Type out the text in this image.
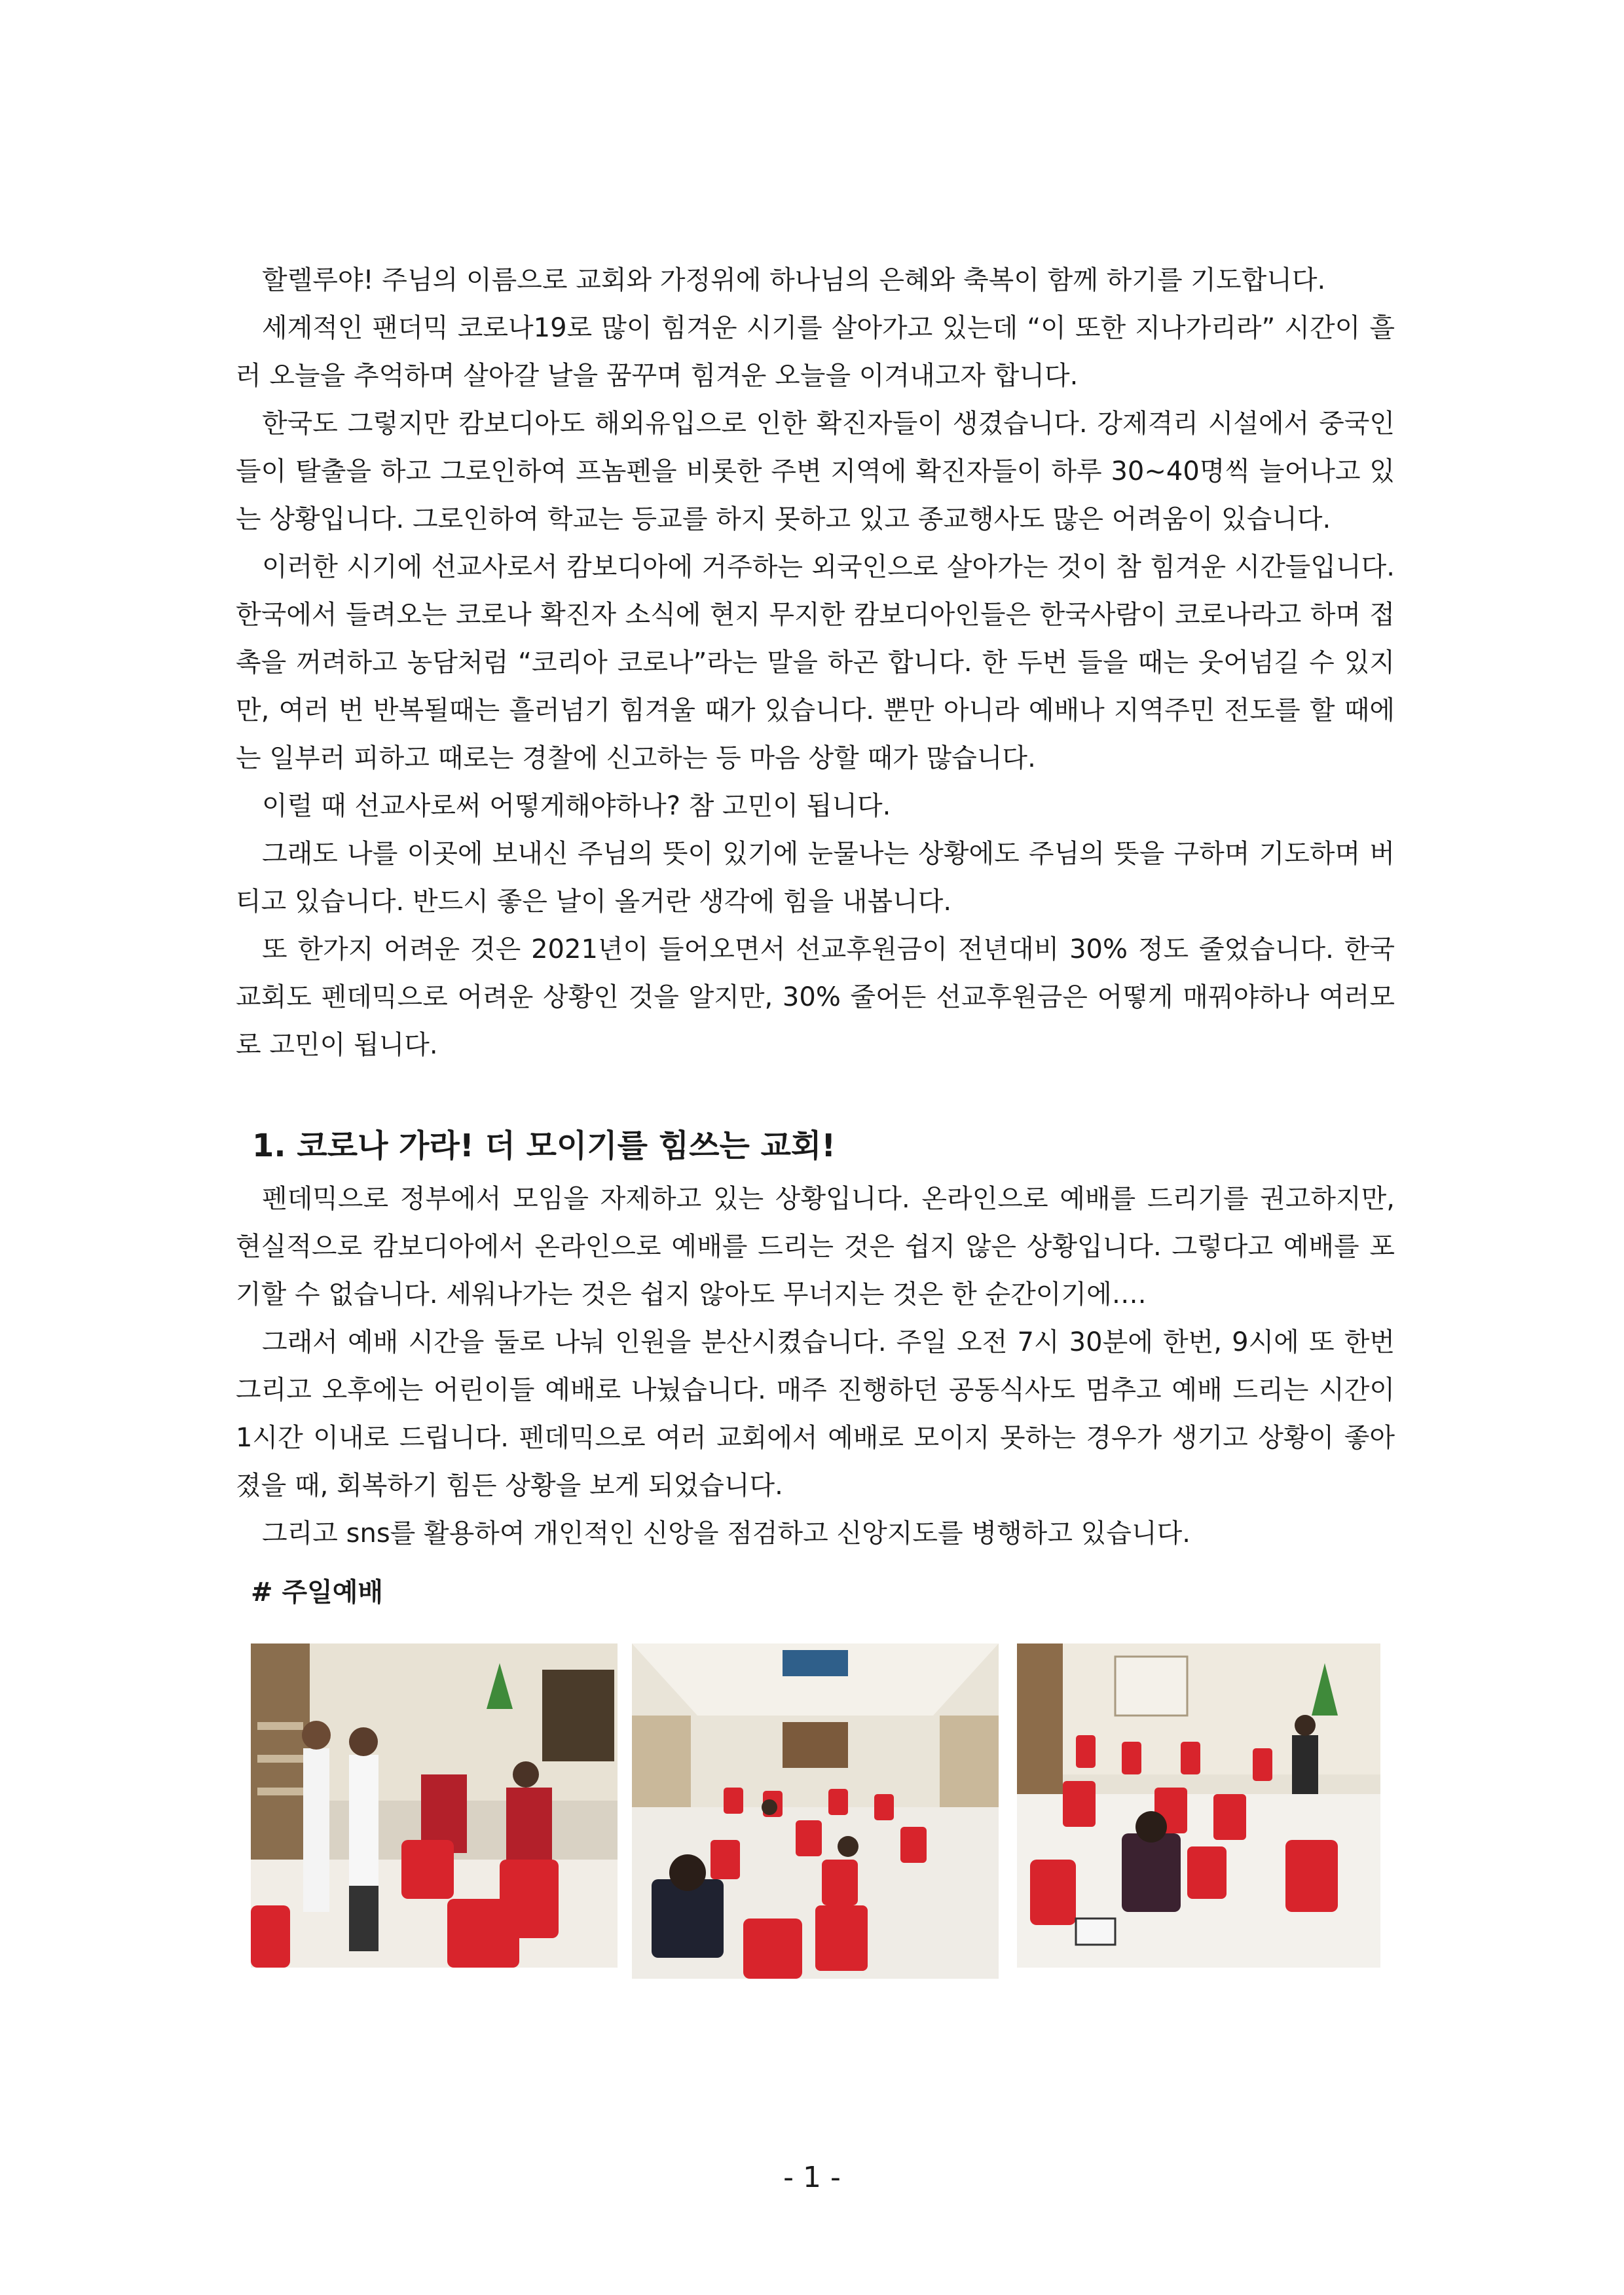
할렐루야! 주님의 이름으로 교회와 가정위에 하나님의 은혜와 축복이 함께 하기를 기도합니다.

세계적인 팬더믹 코로나19로 많이 힘겨운 시기를 살아가고 있는데 “이 또한 지나가리라” 시간이 흘러 오늘을 추억하며 살아갈 날을 꿈꾸며 힘겨운 오늘을 이겨내고자 합니다.

한국도 그렇지만 캄보디아도 해외유입으로 인한 확진자들이 생겼습니다. 강제격리 시설에서 중국인들이 탈출을 하고 그로인하여 프놈펜을 비롯한 주변 지역에 확진자들이 하루 30~40명씩 늘어나고 있는 상황입니다. 그로인하여 학교는 등교를 하지 못하고 있고 종교행사도 많은 어려움이 있습니다.

이러한 시기에 선교사로서 캄보디아에 거주하는 외국인으로 살아가는 것이 참 힘겨운 시간들입니다. 한국에서 들려오는 코로나 확진자 소식에 현지 무지한 캄보디아인들은 한국사람이 코로나라고 하며 접촉을 꺼려하고 농담처럼 “코리아 코로나”라는 말을 하곤 합니다. 한 두번 들을 때는 웃어넘길 수 있지만, 여러 번 반복될때는 흘러넘기 힘겨울 때가 있습니다. 뿐만 아니라 예배나 지역주민 전도를 할 때에는 일부러 피하고 때로는 경찰에 신고하는 등 마음 상할 때가 많습니다.

이럴 때 선교사로써 어떻게해야하나? 참 고민이 됩니다.

그래도 나를 이곳에 보내신 주님의 뜻이 있기에 눈물나는 상황에도 주님의 뜻을 구하며 기도하며 버티고 있습니다. 반드시 좋은 날이 올거란 생각에 힘을 내봅니다.

또 한가지 어려운 것은 2021년이 들어오면서 선교후원금이 전년대비 30% 정도 줄었습니다. 한국교회도 펜데믹으로 어려운 상황인 것을 알지만, 30% 줄어든 선교후원금은 어떻게 매꿔야하나 여러모로 고민이 됩니다.

1. 코로나 가라! 더 모이기를 힘쓰는 교회!

펜데믹으로 정부에서 모임을 자제하고 있는 상황입니다. 온라인으로 예배를 드리기를 권고하지만, 현실적으로 캄보디아에서 온라인으로 예배를 드리는 것은 쉽지 않은 상황입니다. 그렇다고 예배를 포기할 수 없습니다. 세워나가는 것은 쉽지 않아도 무너지는 것은 한 순간이기에….

그래서 예배 시간을 둘로 나눠 인원을 분산시켰습니다. 주일 오전 7시 30분에 한번, 9시에 또 한번 그리고 오후에는 어린이들 예배로 나눴습니다. 매주 진행하던 공동식사도 멈추고 예배 드리는 시간이 1시간 이내로 드립니다. 펜데믹으로 여러 교회에서 예배로 모이지 못하는 경우가 생기고 상황이 좋아졌을 때, 회복하기 힘든 상황을 보게 되었습니다.

그리고 sns를 활용하여 개인적인 신앙을 점검하고 신앙지도를 병행하고 있습니다.

# 주일예배
- 1 -
